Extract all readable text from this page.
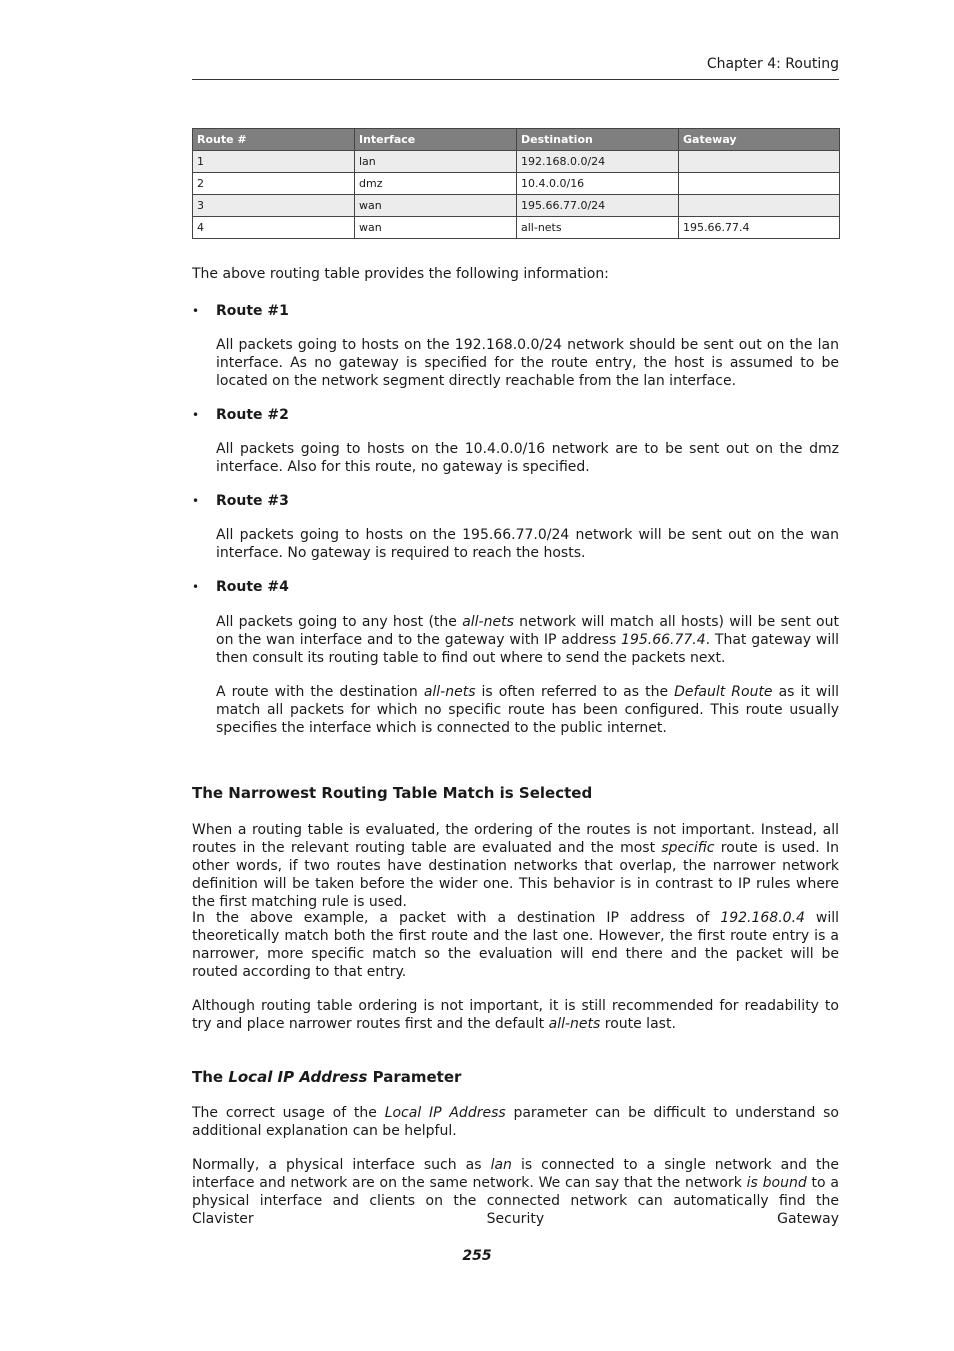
Chapter 4: Routing
Route #	Interface	Destination	Gateway
1	lan	192.168.0.0/24	
2	dmz	10.4.0.0/16	
3	wan	195.66.77.0/24	
4	wan	all-nets	195.66.77.4
The above routing table provides the following information:
• Route #1
All packets going to hosts on the 192.168.0.0/24 network should be sent out on the lan interface. As no gateway is specified for the route entry, the host is assumed to be located on the network segment directly reachable from the lan interface.
• Route #2
All packets going to hosts on the 10.4.0.0/16 network are to be sent out on the dmz interface. Also for this route, no gateway is specified.
• Route #3
All packets going to hosts on the 195.66.77.0/24 network will be sent out on the wan interface. No gateway is required to reach the hosts.
• Route #4
All packets going to any host (the all-nets network will match all hosts) will be sent out on the wan interface and to the gateway with IP address 195.66.77.4. That gateway will then consult its routing table to find out where to send the packets next.
A route with the destination all-nets is often referred to as the Default Route as it will match all packets for which no specific route has been configured. This route usually specifies the interface which is connected to the public internet.
The Narrowest Routing Table Match is Selected
When a routing table is evaluated, the ordering of the routes is not important. Instead, all routes in the relevant routing table are evaluated and the most specific route is used. In other words, if two routes have destination networks that overlap, the narrower network definition will be taken before the wider one. This behavior is in contrast to IP rules where the first matching rule is used.
In the above example, a packet with a destination IP address of 192.168.0.4 will theoretically match both the first route and the last one. However, the first route entry is a narrower, more specific match so the evaluation will end there and the packet will be routed according to that entry.
Although routing table ordering is not important, it is still recommended for readability to try and place narrower routes first and the default all-nets route last.
The Local IP Address Parameter
The correct usage of the Local IP Address parameter can be difficult to understand so additional explanation can be helpful.
Normally, a physical interface such as lan is connected to a single network and the interface and network are on the same network. We can say that the network is bound to a physical interface and clients on the connected network can automatically find the Clavister Security Gateway
255
